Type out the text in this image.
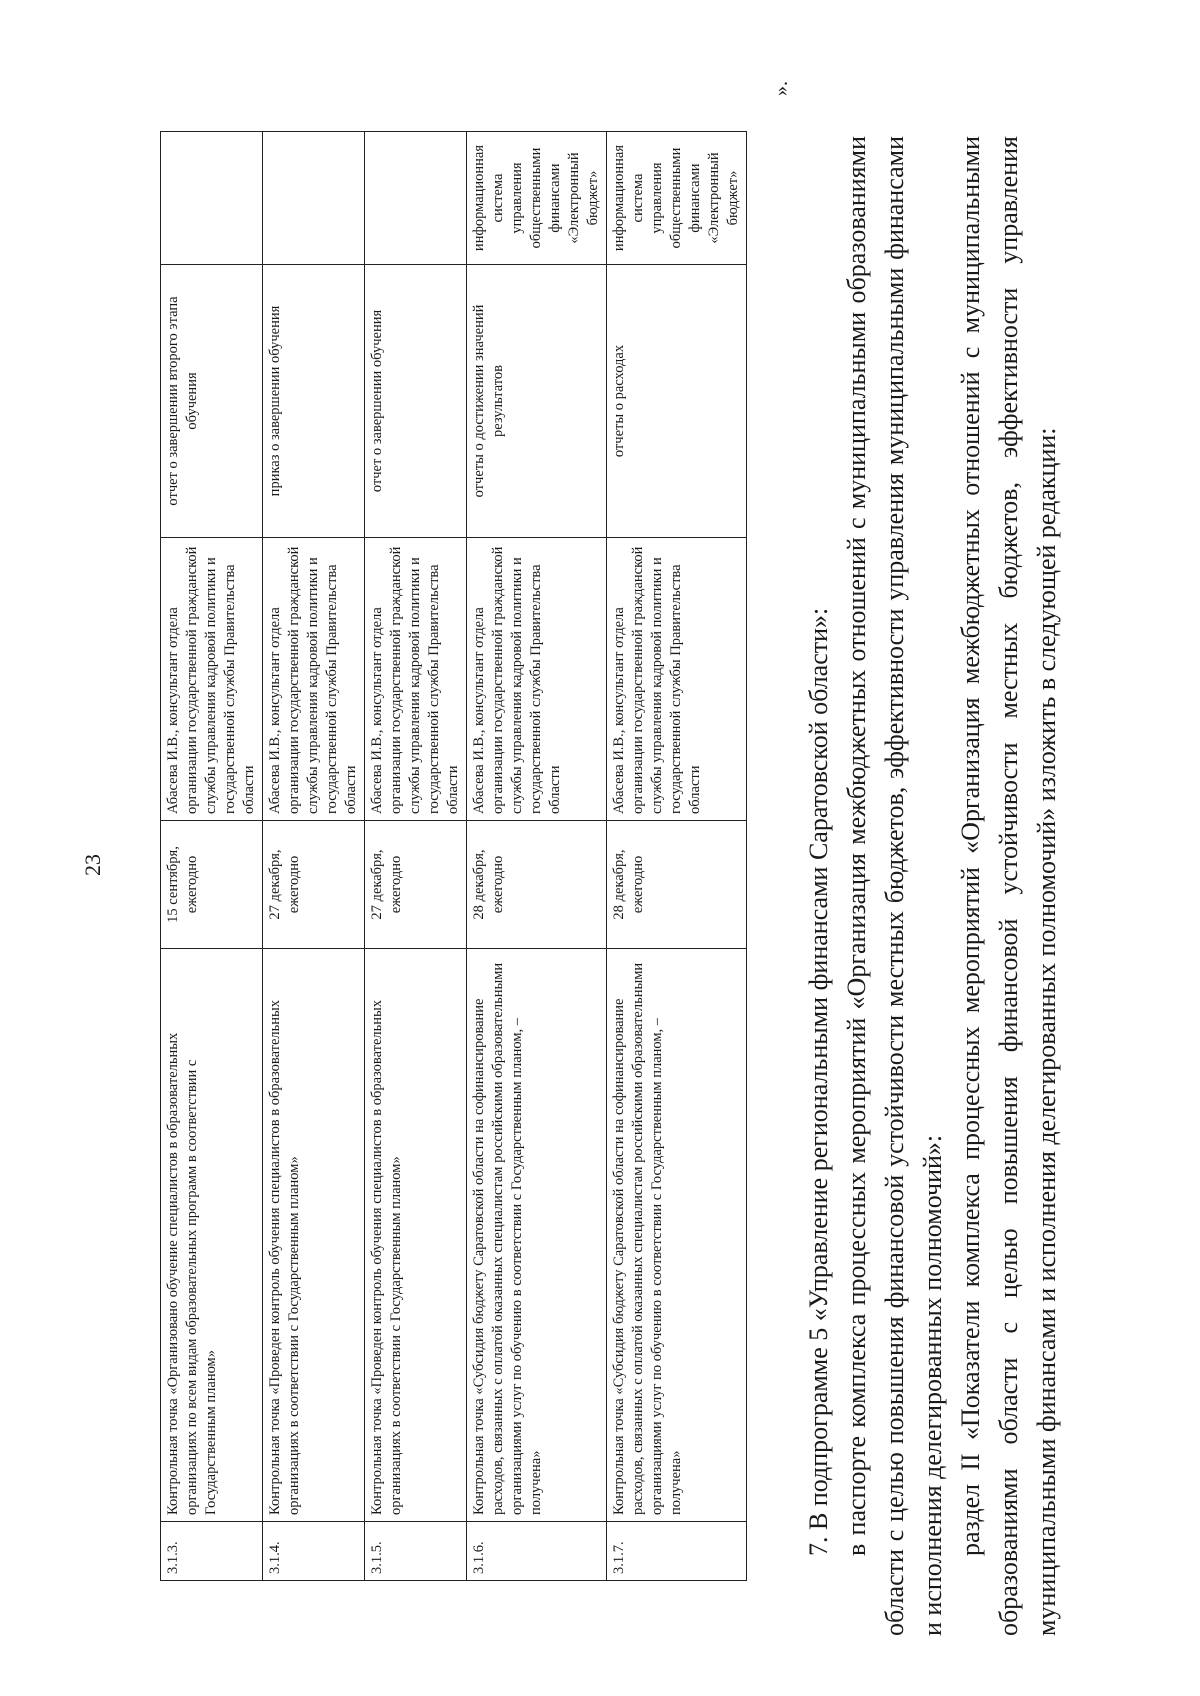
23
3.1.3.	Контрольная точка «Организовано обучение специалистов в образовательных организациях по всем видам образовательных программ в соответствии с Государственным планом»	15 сентября, ежегодно	Абасева И.В., консультант отдела организации государственной гражданской службы управления кадровой политики и государственной службы Правительства области	отчет о завершении второго этапа обучения	
3.1.4.	Контрольная точка «Проведен контроль обучения специалистов в образовательных организациях в соответствии с Государственным планом»	27 декабря, ежегодно	Абасева И.В., консультант отдела организации государственной гражданской службы управления кадровой политики и государственной службы Правительства области	приказ о завершении обучения	
3.1.5.	Контрольная точка «Проведен контроль обучения специалистов в образовательных организациях в соответствии с Государственным планом»	27 декабря, ежегодно	Абасева И.В., консультант отдела организации государственной гражданской службы управления кадровой политики и государственной службы Правительства области	отчет о завершении обучения	
3.1.6.	Контрольная точка «Субсидия бюджету Саратовской области на софинансирование расходов, связанных с оплатой оказанных специалистам российскими образовательными организациями услуг по обучению в соответствии с Государственным планом, – получена»	28 декабря, ежегодно	Абасева И.В., консультант отдела организации государственной гражданской службы управления кадровой политики и государственной службы Правительства области	отчеты о достижении значений результатов	информационная система управления общественными финансами «Электронный бюджет»
3.1.7.	Контрольная точка «Субсидия бюджету Саратовской области на софинансирование расходов, связанных с оплатой оказанных специалистам российскими образовательными организациями услуг по обучению в соответствии с Государственным планом, – получена»	28 декабря, ежегодно	Абасева И.В., консультант отдела организации государственной гражданской службы управления кадровой политики и государственной службы Правительства области	отчеты о расходах	информационная система управления общественными финансами «Электронный бюджет»
».

7. В подпрограмме 5 «Управление региональными финансами Саратовской области»: в паспорте комплекса процессных мероприятий «Организация межбюджетных отношений с муниципальными образованиями области с целью повышения финансовой устойчивости местных бюджетов, эффективности управления муниципальными финансами и исполнения делегированных полномочий»: раздел II «Показатели комплекса процессных мероприятий «Организация межбюджетных отношений с муниципальными образованиями области с целью повышения финансовой устойчивости местных бюджетов, эффективности управления муниципальными финансами и исполнения делегированных полномочий» изложить в следующей редакции:
